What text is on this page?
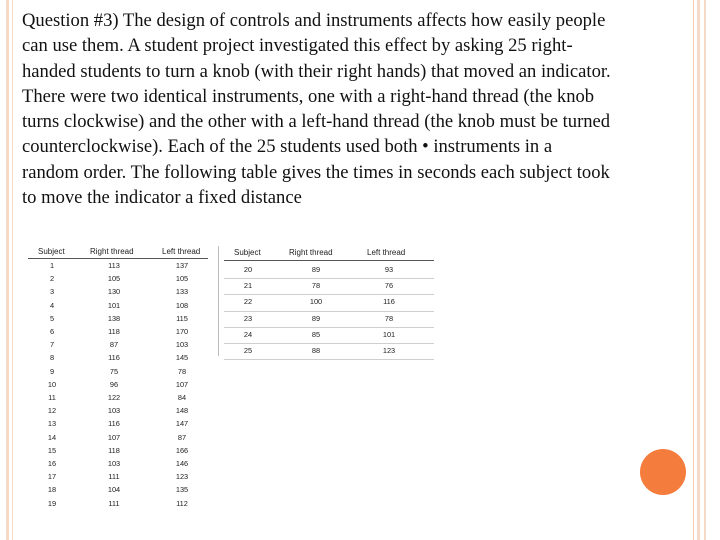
Question #3) The design of controls and instruments affects how easily people
can use them. A student project investigated this effect by asking 25 right-
handed students to turn a knob (with their right hands) that moved an indicator.
There were two identical instruments, one with a right-hand thread (the knob
turns clockwise) and the other with a left-hand thread (the knob must be turned
counterclockwise). Each of the 25 students used both • instruments in a
random order. The following table gives the times in seconds each subject took
to move the indicator a fixed distance
Subject	Right thread	Left thread
1	113	137
2	105	105
3	130	133
4	101	108
5	138	115
6	118	170
7	87	103
8	116	145
9	75	78
10	96	107
11	122	84
12	103	148
13	116	147
14	107	87
15	118	166
16	103	146
17	111	123
18	104	135
19	111	112
Subject	Right thread	Left thread
20	89	93
21	78	76
22	100	116
23	89	78
24	85	101
25	88	123
